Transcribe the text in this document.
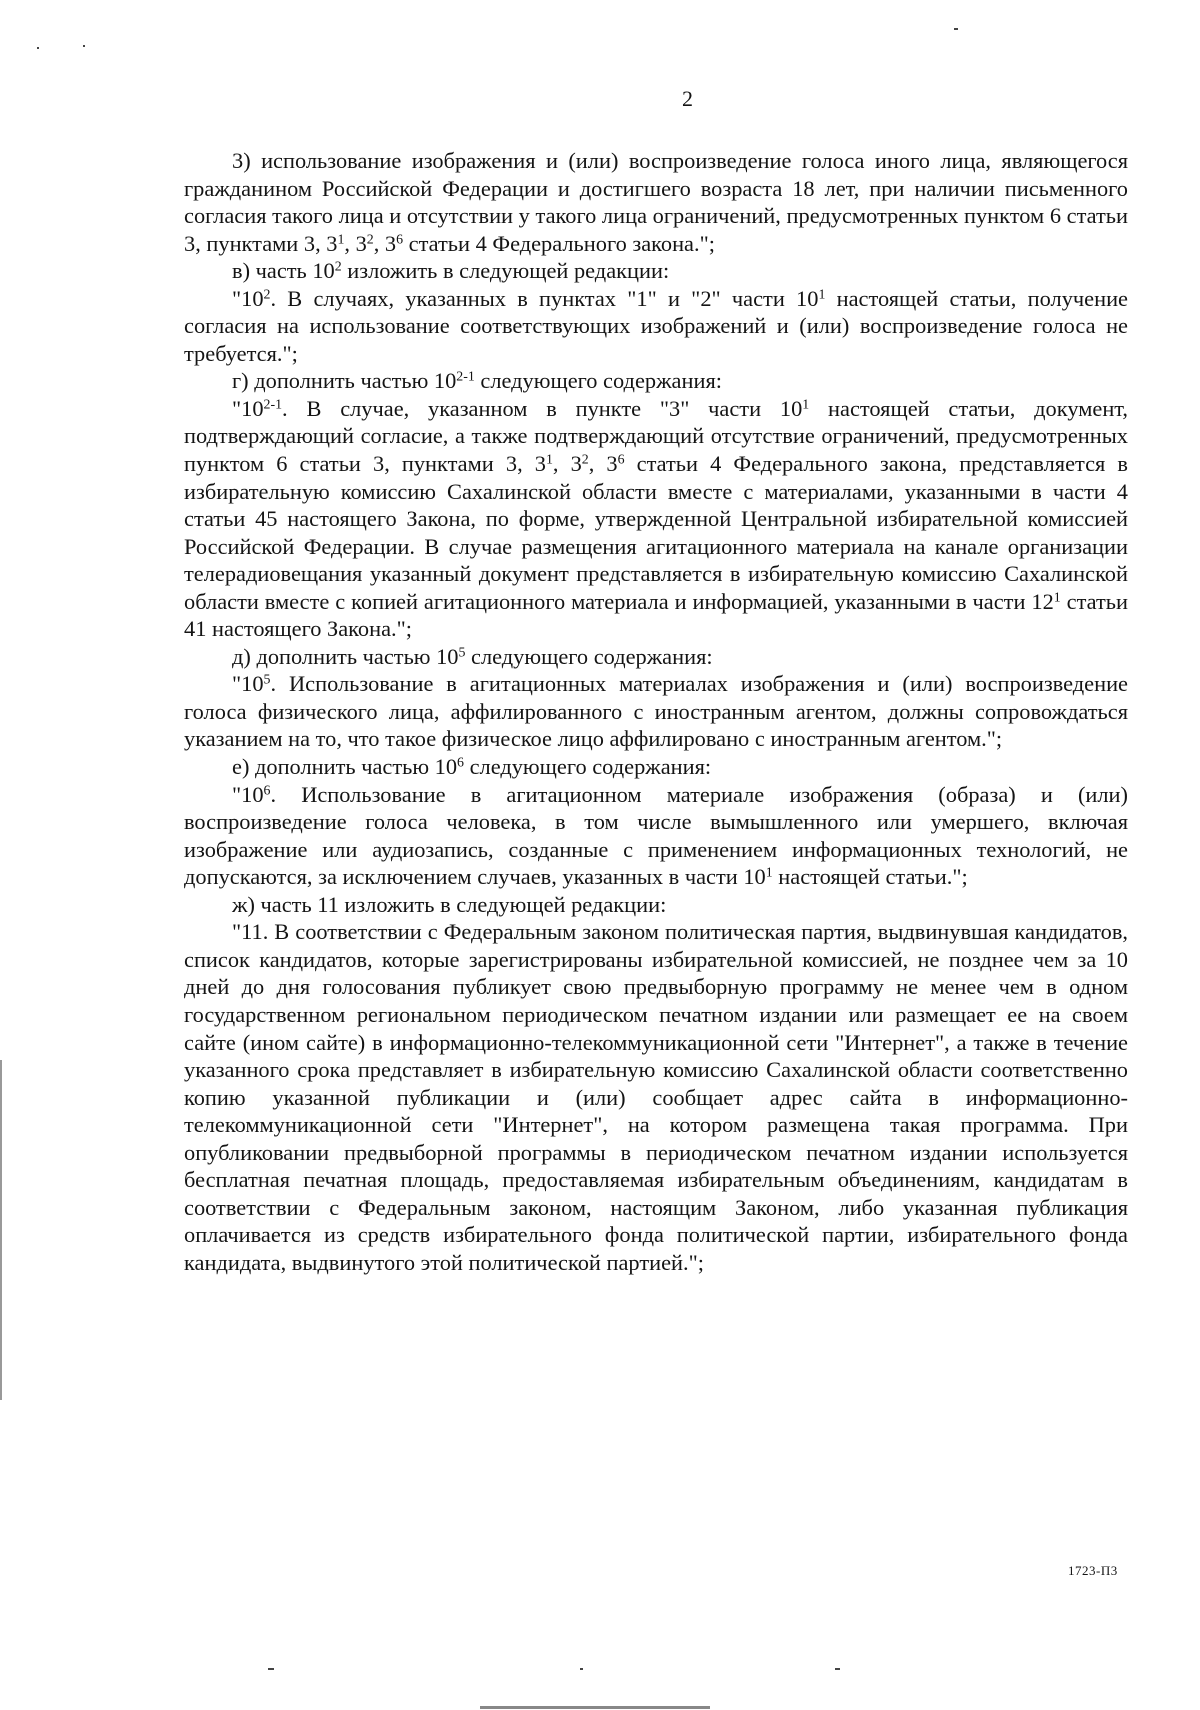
2

3) использование изображения и (или) воспроизведение голоса иного лица, являющегося гражданином Российской Федерации и достигшего возраста 18 лет, при наличии письменного согласия такого лица и отсутствии у такого лица ограничений, предусмотренных пунктом 6 статьи 3, пунктами 3, $3^1$, $3^2$, $3^6$ статьи 4 Федерального закона.";

в) часть $10^2$ изложить в следующей редакции:

"$10^2$. В случаях, указанных в пунктах "1" и "2" части $10^1$ настоящей статьи, получение согласия на использование соответствующих изображений и (или) воспроизведение голоса не требуется.";

г) дополнить частью 10$^{2-1}$ следующего содержания:

"10$^{2-1}$. В случае, указанном в пункте "3" части $10^1$ настоящей статьи, документ, подтверждающий согласие, а также подтверждающий отсутствие ограничений, предусмотренных пунктом 6 статьи 3, пунктами 3, $3^1$, $3^2$, $3^6$ статьи 4 Федерального закона, представляется в избирательную комиссию Сахалинской области вместе с материалами, указанными в части 4 статьи 45 настоящего Закона, по форме, утвержденной Центральной избирательной комиссией Российской Федерации. В случае размещения агитационного материала на канале организации телерадиовещания указанный документ представляется в избирательную комиссию Сахалинской области вместе с копией агитационного материала и информацией, указанными в части $12^1$ статьи 41 настоящего Закона.";

д) дополнить частью $10^5$ следующего содержания:

"$10^5$. Использование в агитационных материалах изображения и (или) воспроизведение голоса физического лица, аффилированного с иностранным агентом, должны сопровождаться указанием на то, что такое физическое лицо аффилировано с иностранным агентом.";

е) дополнить частью $10^6$ следующего содержания:

"$10^6$. Использование в агитационном материале изображения (образа) и (или) воспроизведение голоса человека, в том числе вымышленного или умершего, включая изображение или аудиозапись, созданные с применением информационных технологий, не допускаются, за исключением случаев, указанных в части $10^1$ настоящей статьи.";

ж) часть 11 изложить в следующей редакции:

"11. В соответствии с Федеральным законом политическая партия, выдвинувшая кандидатов, список кандидатов, которые зарегистрированы избирательной комиссией, не позднее чем за 10 дней до дня голосования публикует свою предвыборную программу не менее чем в одном государственном региональном периодическом печатном издании или размещает ее на своем сайте (ином сайте) в информационно-телекоммуникационной сети "Интернет", а также в течение указанного срока представляет в избирательную комиссию Сахалинской области соответственно копию указанной публикации и (или) сообщает адрес сайта в информационно-телекоммуникационной сети "Интернет", на котором размещена такая программа. При опубликовании предвыборной программы в периодическом печатном издании используется бесплатная печатная площадь, предоставляемая избирательным объединениям, кандидатам в соответствии с Федеральным законом, настоящим Законом, либо указанная публикация оплачивается из средств избирательного фонда политической партии, избирательного фонда кандидата, выдвинутого этой политической партией.";

1723-П3
